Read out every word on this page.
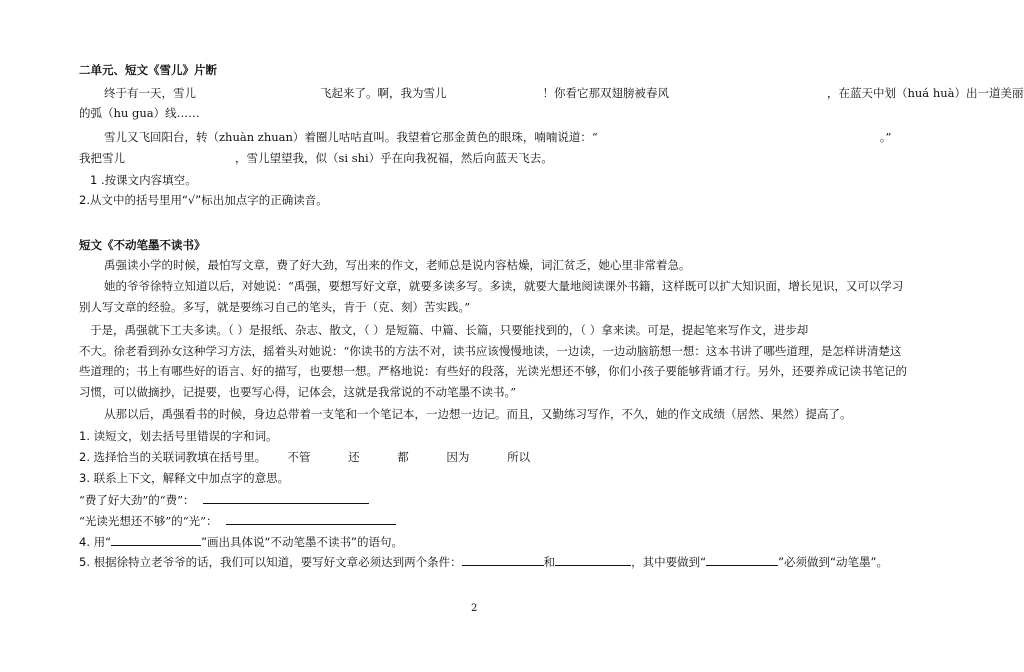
二单元、短文《雪儿》片断
终于有一天，雪儿	飞起来了。啊，我为雪儿	！你看它那双翅膀被春风	，在蓝天中划（huá huà）出一道美丽
的弧（hu gua）线……
雪儿又飞回阳台，转（zhuàn zhuan）着圈儿咕咕直叫。我望着它那金黄色的眼珠，喃喃说道：“	。”
我把雪儿	，雪儿望望我，似（si shi）乎在向我祝福，然后向蓝天飞去。
1 .按课文内容填空。
2.从文中的括号里用“√”标出加点字的正确读音。
短文《不动笔墨不读书》
禹强读小学的时候，最怕写文章，费了好大劲，写出来的作文，老师总是说内容枯燥，词汇贫乏，她心里非常着急。
她的爷爷徐特立知道以后，对她说：“禹强，要想写好文章，就要多读多写。多读，就要大量地阅读课外书籍，这样既可以扩大知识面，增长见识，又可以学习
别人写文章的经验。多写，就是要练习自己的笔头，肯于（克、刻）苦实践。”
于是，禹强就下工夫多读。（ ）是报纸、杂志、散文，（ ）是短篇、中篇、长篇，只要能找到的，（ ）拿来读。可是，提起笔来写作文，进步却
不大。徐老看到孙女这种学习方法，摇着头对她说：“你读书的方法不对，读书应该慢慢地读，一边读，一边动脑筋想一想：这本书讲了哪些道理，是怎样讲清楚这
些道理的；书上有哪些好的语言、好的描写，也要想一想。严格地说：有些好的段落，光读光想还不够，你们小孩子要能够背诵才行。另外，还要养成记读书笔记的
习惯，可以做摘抄，记提要，也要写心得，记体会，这就是我常说的不动笔墨不读书。”
从那以后，禹强看书的时候，身边总带着一支笔和一个笔记本，一边想一边记。而且，又勤练习写作，不久，她的作文成绩（居然、果然）提高了。
1. 读短文，划去括号里错误的字和词。
2. 选择恰当的关联词教填在括号里。 不管	还	都	因为	所以
3. 联系上下文，解释文中加点字的意思。
“费了好大劲”的“费”：
“光读光想还不够”的“光”：
4. 用“	”画出具体说“不动笔墨不读书”的语句。
5. 根据徐特立老爷爷的话，我们可以知道，要写好文章必须达到两个条件：	和	，其中要做到“	”必须做到“动笔墨”。
2
